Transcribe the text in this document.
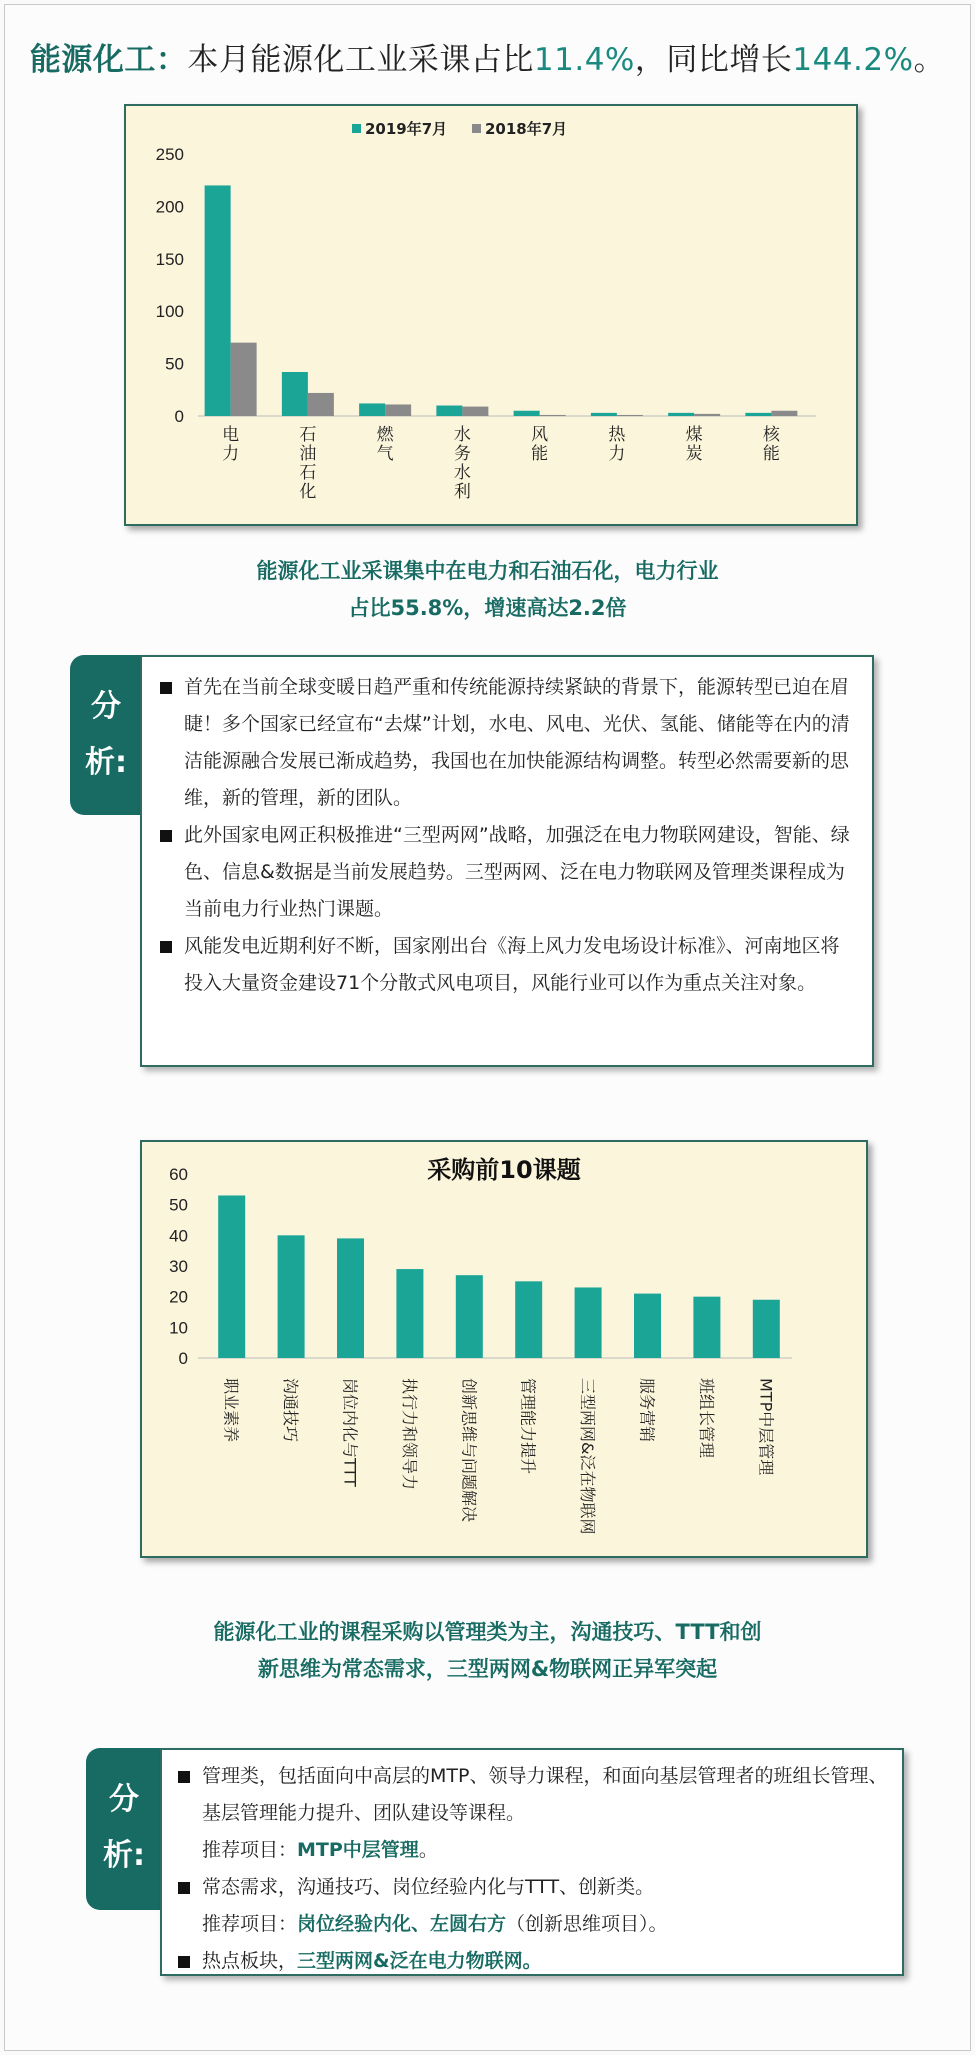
能源化工：本月能源化工业采课占比11.4%，同比增长144.2%。
0
50
100
150
200
250
电力
石油石化
燃气
水务水利
风能
热力
煤炭
核能
2019年7月	2018年7月
能源化工业采课集中在电力和石油石化，电力行业
占比55.8%，增速高达2.2倍
分
析:
首先在当前全球变暖日趋严重和传统能源持续紧缺的背景下，能源转型已迫在眉睫！多个国家已经宣布“去煤”计划，水电、风电、光伏、氢能、储能等在内的清洁能源融合发展已渐成趋势，我国也在加快能源结构调整。转型必然需要新的思维，新的管理，新的团队。
此外国家电网正积极推进“三型两网”战略，加强泛在电力物联网建设，智能、绿色、信息&数据是当前发展趋势。三型两网、泛在电力物联网及管理类课程成为当前电力行业热门课题。
风能发电近期利好不断，国家刚出台《海上风力发电场设计标准》、河南地区将投入大量资金建设71个分散式风电项目，风能行业可以作为重点关注对象。
采购前10课题
0
10
20
30
40
50
60
职业素养	沟通技巧	岗位内化与TTT	执行力和领导力	创新思维与问题解决	管理能力提升	三型两网&泛在物联网	服务营销	班组长管理	MTP中层管理
能源化工业的课程采购以管理类为主，沟通技巧、TTT和创
新思维为常态需求，三型两网&物联网正异军突起
分
析:
管理类，包括面向中高层的MTP、领导力课程，和面向基层管理者的班组长管理、基层管理能力提升、团队建设等课程。
推荐项目：MTP中层管理。
常态需求，沟通技巧、岗位经验内化与TTT、创新类。
推荐项目：岗位经验内化、左圆右方（创新思维项目）。
热点板块，三型两网&泛在电力物联网。
